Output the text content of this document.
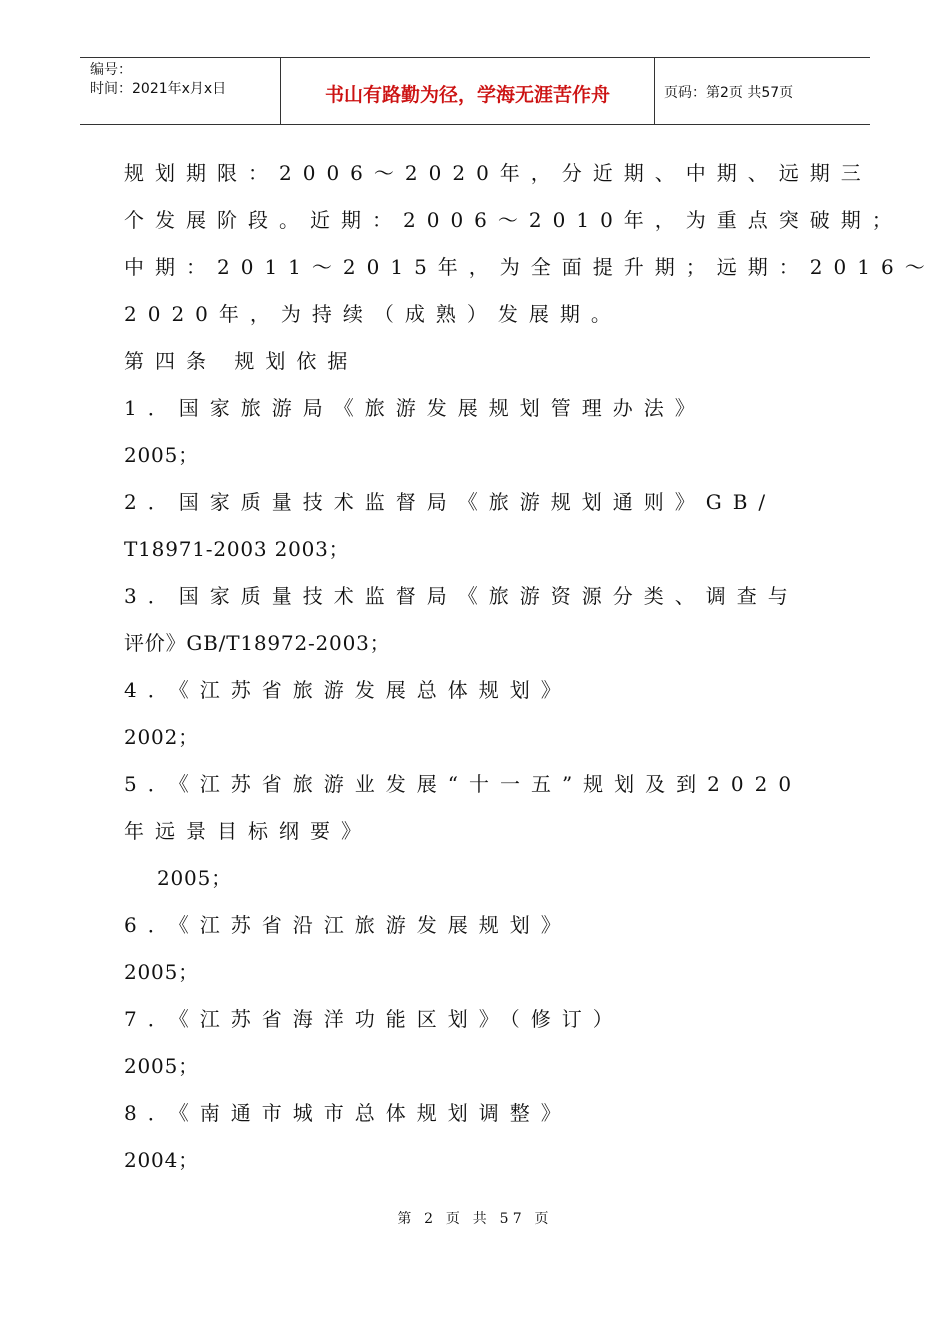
编号：
时间：2021年x月x日	书山有路勤为径，学海无涯苦作舟	页码：第2页 共57页
规划期限：2006～2020年，分近期、中期、远期三
个发展阶段。近期：2006～2010年，为重点突破期；
中期：2011～2015年，为全面提升期；远期：2016～
2020年，为持续（成熟）发展期。
第四条 规划依据
1．国家旅游局《旅游发展规划管理办法》
2005；
2．国家质量技术监督局《旅游规划通则》GB/
T18971-2003 2003；
3．国家质量技术监督局《旅游资源分类、调查与
评价》GB/T18972-2003；
4．《江苏省旅游发展总体规划》
2002；
5．《江苏省旅游业发展“十一五”规划及到2020
年远景目标纲要》
2005；
6．《江苏省沿江旅游发展规划》
2005；
7．《江苏省海洋功能区划》（修订）
2005；
8．《南通市城市总体规划调整》
2004；
第 2 页 共 57 页
